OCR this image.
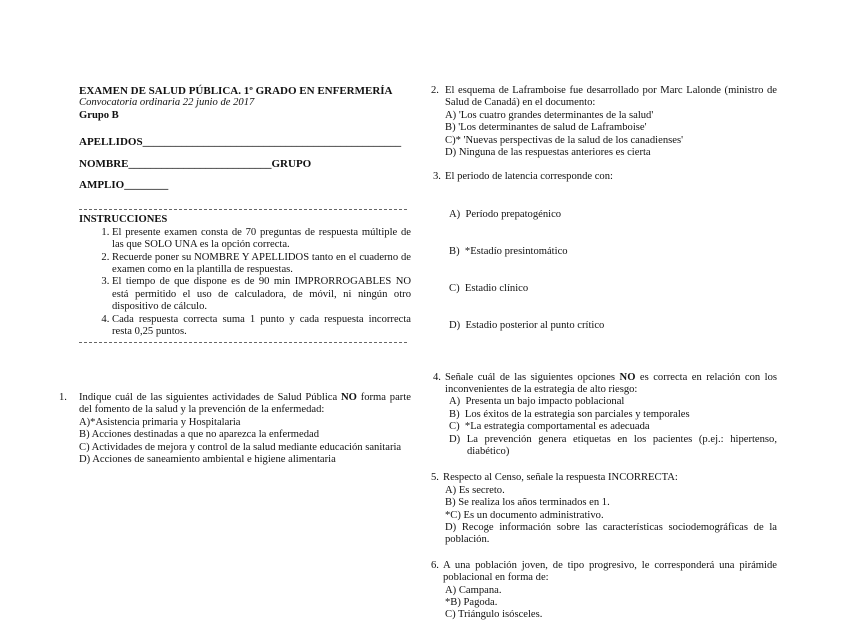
EXAMEN DE SALUD PÚBLICA. 1º GRADO EN ENFERMERÍA
Convocatoria ordinaria 22 junio de 2017
Grupo B
APELLIDOS_______________________________________________
NOMBRE__________________________GRUPO
AMPLIO________
INSTRUCCIONES
1. El presente examen consta de 70 preguntas de respuesta múltiple de las que SOLO UNA es la opción correcta.
2. Recuerde poner su NOMBRE Y APELLIDOS tanto en el cuaderno de examen como en la plantilla de respuestas.
3. El tiempo de que dispone es de 90 min IMPRORROGABLES NO está permitido el uso de calculadora, de móvil, ni ningún otro dispositivo de cálculo.
4. Cada respuesta correcta suma 1 punto y cada respuesta incorrecta resta 0,25 puntos.
1. Indique cuál de las siguientes actividades de Salud Pública NO forma parte del fomento de la salud y la prevención de la enfermedad:
A)*Asistencia primaria y Hospitalaria
B) Acciones destinadas a que no aparezca la enfermedad
C) Actividades de mejora y control de la salud mediante educación sanitaria
D) Acciones de saneamiento ambiental e higiene alimentaria
2. El esquema de Laframboise fue desarrollado por Marc Lalonde (ministro de Salud de Canadá) en el documento:
A) 'Los cuatro grandes determinantes de la salud'
B) 'Los determinantes de salud de Laframboise'
C)* 'Nuevas perspectivas de la salud de los canadienses'
D) Ninguna de las respuestas anteriores es cierta
3. El periodo de latencia corresponde con:

A)  Período prepatogénico

B)  *Estadío presintomático

C)  Estadio clínico

D)  Estadio posterior al punto crítico

4. Señale cuál de las siguientes opciones NO es correcta en relación con los inconvenientes de la estrategia de alto riesgo:
A)  Presenta un bajo impacto poblacional
B)  Los éxitos de la estrategia son parciales y temporales
C)  *La estrategia comportamental es adecuada
D) La prevención genera etiquetas en los pacientes (p.ej.: hipertenso, diabético)
5. Respecto al Censo, señale la respuesta INCORRECTA:
A) Es secreto.
B) Se realiza los años terminados en 1.
*C) Es un documento administrativo.
D) Recoge información sobre las características sociodemográficas de la población.
6. A una población joven, de tipo progresivo, le corresponderá una pirámide poblacional en forma de:
A) Campana.
*B) Pagoda.
C) Triángulo isósceles.
